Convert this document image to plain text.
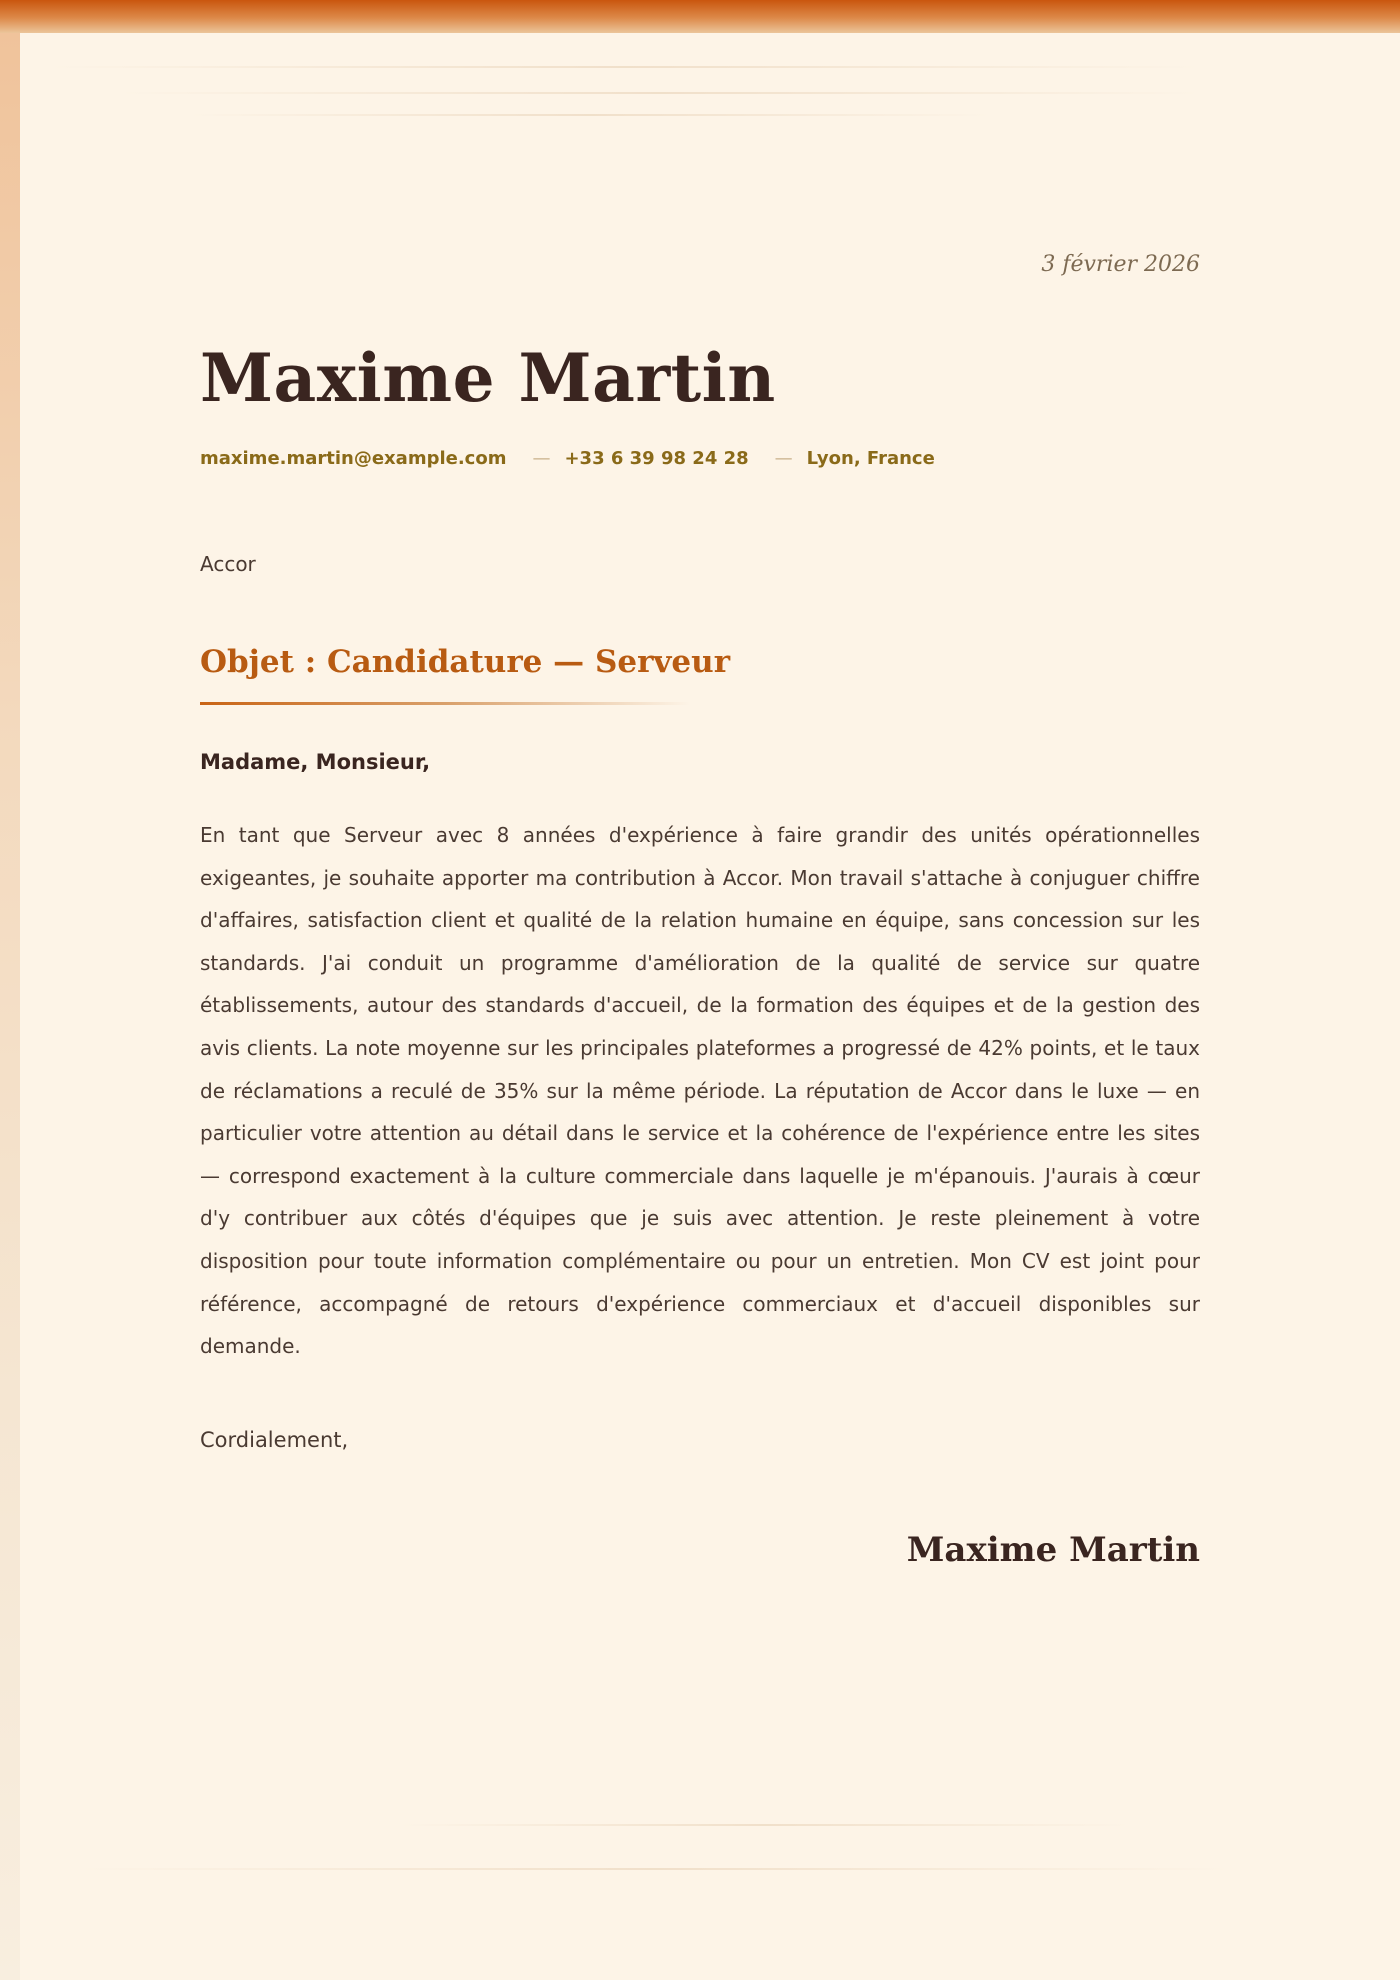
3 février 2026
Maxime Martin
maxime.martin@example.com — +33 6 39 98 24 28 — Lyon, France
Accor
Objet : Candidature — Serveur
Madame, Monsieur,

En tant que Serveur avec 8 années d'expérience à faire grandir des unités opérationnelles exigeantes, je souhaite apporter ma contribution à Accor. Mon travail s'attache à conjuguer chiffre d'affaires, satisfaction client et qualité de la relation humaine en équipe, sans concession sur les standards. J'ai conduit un programme d'amélioration de la qualité de service sur quatre établissements, autour des standards d'accueil, de la formation des équipes et de la gestion des avis clients. La note moyenne sur les principales plateformes a progressé de 42% points, et le taux de réclamations a reculé de 35% sur la même période. La réputation de Accor dans le luxe — en particulier votre attention au détail dans le service et la cohérence de l'expérience entre les sites — correspond exactement à la culture commerciale dans laquelle je m'épanouis. J'aurais à cœur d'y contribuer aux côtés d'équipes que je suis avec attention. Je reste pleinement à votre disposition pour toute information complémentaire ou pour un entretien. Mon CV est joint pour référence, accompagné de retours d'expérience commerciaux et d'accueil disponibles sur demande.

Cordialement,
Maxime Martin
